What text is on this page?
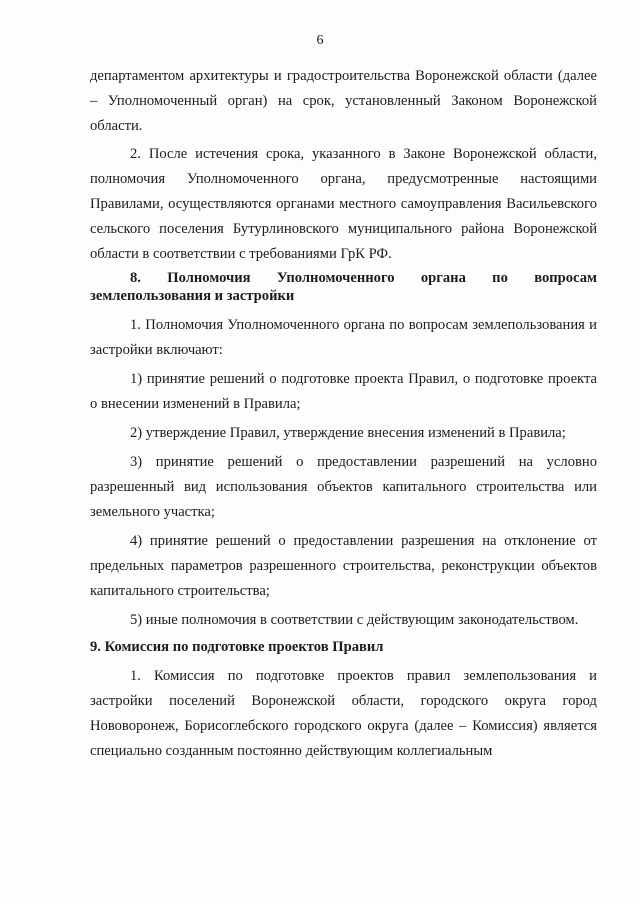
6

департаментом архитектуры и градостроительства Воронежской области (далее – Уполномоченный орган) на срок, установленный Законом Воронежской области.

2. После истечения срока, указанного в Законе Воронежской области, полномочия Уполномоченного органа, предусмотренные настоящими Правилами, осуществляются органами местного самоуправления Васильевского сельского поселения Бутурлиновского муниципального района Воронежской области в соответствии с требованиями ГрК РФ.

8. Полномочия Уполномоченного органа по вопросам землепользования и застройки

1. Полномочия Уполномоченного органа по вопросам землепользования и застройки включают:

1) принятие решений о подготовке проекта Правил, о подготовке проекта о внесении изменений в Правила;

2) утверждение Правил, утверждение внесения изменений в Правила;

3) принятие решений о предоставлении разрешений на условно разрешенный вид использования объектов капитального строительства или земельного участка;

4) принятие решений о предоставлении разрешения на отклонение от предельных параметров разрешенного строительства, реконструкции объектов капитального строительства;

5) иные полномочия в соответствии с действующим законодательством.

9. Комиссия по подготовке проектов Правил

1. Комиссия по подготовке проектов правил землепользования и застройки поселений Воронежской области, городского округа город Нововоронеж, Борисоглебского городского округа (далее – Комиссия) является специально созданным постоянно действующим коллегиальным
